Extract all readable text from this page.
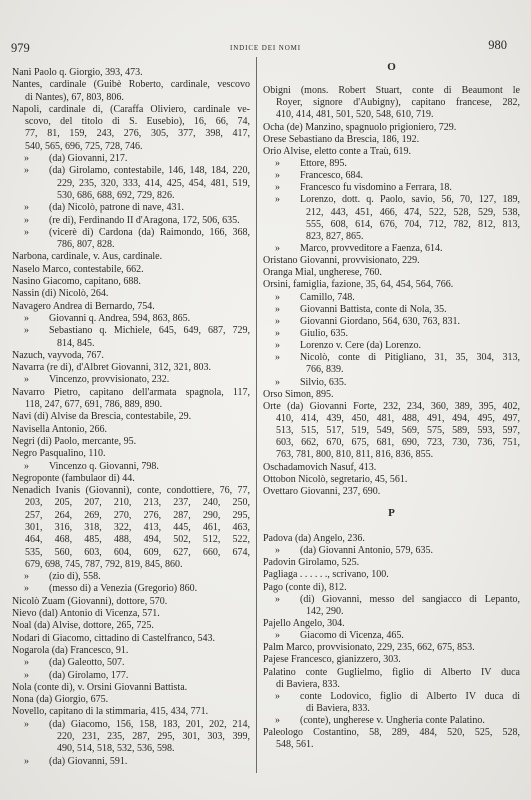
979	INDICE DEI NOMI	980
Nani Paolo q. Giorgio, 393, 473.
Nantes, cardinale (Guibè Roberto, cardinale, vescovo
di Nantes), 67, 803, 806.
Napoli, cardinale di, (Caraffa Oliviero, cardinale ve-
scovo, del titolo di S. Eusebio), 16, 66, 74,
77, 81, 159, 243, 276, 305, 377, 398, 417,
540, 565, 696, 725, 728, 746.
»	(da) Giovanni, 217.
»	(da) Girolamo, contestabile, 146, 148, 184, 220,
229, 235, 320, 333, 414, 425, 454, 481, 519,
530, 686, 688, 692, 729, 826.
»	(da) Nicolò, patrone di nave, 431.
»	(re di), Ferdinando II d'Aragona, 172, 506, 635.
»	(vicerè di) Cardona (da) Raimondo, 166, 368,
786, 807, 828.
Narbona, cardinale, v. Aus, cardinale.
Naselo Marco, contestabile, 662.
Nasino Giacomo, capitano, 688.
Nassin (di) Nicolò, 264.
Navagero Andrea di Bernardo, 754.
»	Giovanni q. Andrea, 594, 863, 865.
»	Sebastiano q. Michiele, 645, 649, 687, 729,
814, 845.
Nazuch, vayvoda, 767.
Navarra (re di), d'Albret Giovanni, 312, 321, 803.
»	Vincenzo, provvisionato, 232.
Navarro Pietro, capitano dell'armata spagnola, 117,
118, 247, 677, 691, 786, 889, 890.
Navi (di) Alvise da Brescia, contestabile, 29.
Navisella Antonio, 266.
Negri (di) Paolo, mercante, 95.
Negro Pasqualino, 110.
»	Vincenzo q. Giovanni, 798.
Negroponte (fambulaor di) 44.
Nenadich Ivanis (Giovanni), conte, condottiere, 76, 77,
203, 205, 207, 210, 213, 237, 240, 250,
257, 264, 269, 270, 276, 287, 290, 295,
301, 316, 318, 322, 413, 445, 461, 463,
464, 468, 485, 488, 494, 502, 512, 522,
535, 560, 603, 604, 609, 627, 660, 674,
679, 698, 745, 787, 792, 819, 845, 860.
»	(zio di), 558.
»	(messo di) a Venezia (Gregorio) 860.
Nicolò Zuam (Giovanni), dottore, 570.
Nievo (dal) Antonio di Vicenza, 571.
Noal (da) Alvise, dottore, 265, 725.
Nodari di Giacomo, cittadino di Castelfranco, 543.
Nogarola (da) Francesco, 91.
»	(da) Galeotto, 507.
»	(da) Girolamo, 177.
Nola (conte di), v. Orsini Giovanni Battista.
Nona (da) Giorgio, 675.
Novello, capitano di la stimmaria, 415, 434, 771.
»	(da) Giacomo, 156, 158, 183, 201, 202, 214,
220, 231, 235, 287, 295, 301, 303, 399,
490, 514, 518, 532, 536, 598.
»	(da) Giovanni, 591.
O
Obigni (mons. Robert Stuart, conte di Beaumont le
Royer, signore d'Aubigny), capitano francese, 282,
410, 414, 481, 501, 520, 548, 610, 719.
Ocha (de) Manzino, spagnuolo prigioniero, 729.
Orese Sebastiano da Brescia, 186, 192.
Orio Alvise, eletto conte a Traù, 619.
»	Ettore, 895.
»	Francesco, 684.
»	Francesco fu visdomino a Ferrara, 18.
»	Lorenzo, dott. q. Paolo, savio, 56, 70, 127, 189,
212, 443, 451, 466, 474, 522, 528, 529, 538,
555, 608, 614, 676, 704, 712, 782, 812, 813,
823, 827, 865.
»	Marco, provveditore a Faenza, 614.
Oristano Giovanni, provvisionato, 229.
Oranga Mial, ungherese, 760.
Orsini, famiglia, fazione, 35, 64, 454, 564, 766.
»	Camillo, 748.
»	Giovanni Battista, conte di Nola, 35.
»	Giovanni Giordano, 564, 630, 763, 831.
»	Giulio, 635.
»	Lorenzo v. Cere (da) Lorenzo.
»	Nicolò, conte di Pitigliano, 31, 35, 304, 313,
766, 839.
»	Silvio, 635.
Orso Simon, 895.
Orte (da) Giovanni Forte, 232, 234, 360, 389, 395, 402,
410, 414, 439, 450, 481, 488, 491, 494, 495, 497,
513, 515, 517, 519, 549, 569, 575, 589, 593, 597,
603, 662, 670, 675, 681, 690, 723, 730, 736, 751,
763, 781, 800, 810, 811, 816, 836, 855.
Oschadamovich Nasuf, 413.
Ottobon Nicolò, segretario, 45, 561.
Ovettaro Giovanni, 237, 690.
P
Padova (da) Angelo, 236.
»	(da) Giovanni Antonio, 579, 635.
Padovin Girolamo, 525.
Pagliaga . . . . . ., scrivano, 100.
Pago (conte di), 812.
»	(di) Giovanni, messo del sangiacco di Lepanto,
142, 290.
Pajello Angelo, 304.
»	Giacomo di Vicenza, 465.
Palm Marco, provvisionato, 229, 235, 662, 675, 853.
Pajese Francesco, gianizzero, 303.
Palatino conte Guglielmo, figlio di Alberto IV duca
di Baviera, 833.
»	conte Lodovico, figlio di Alberto IV duca di
di Baviera, 833.
»	(conte), ungherese v. Ungheria conte Palatino.
Paleologo Costantino, 58, 289, 484, 520, 525, 528,
548, 561.
